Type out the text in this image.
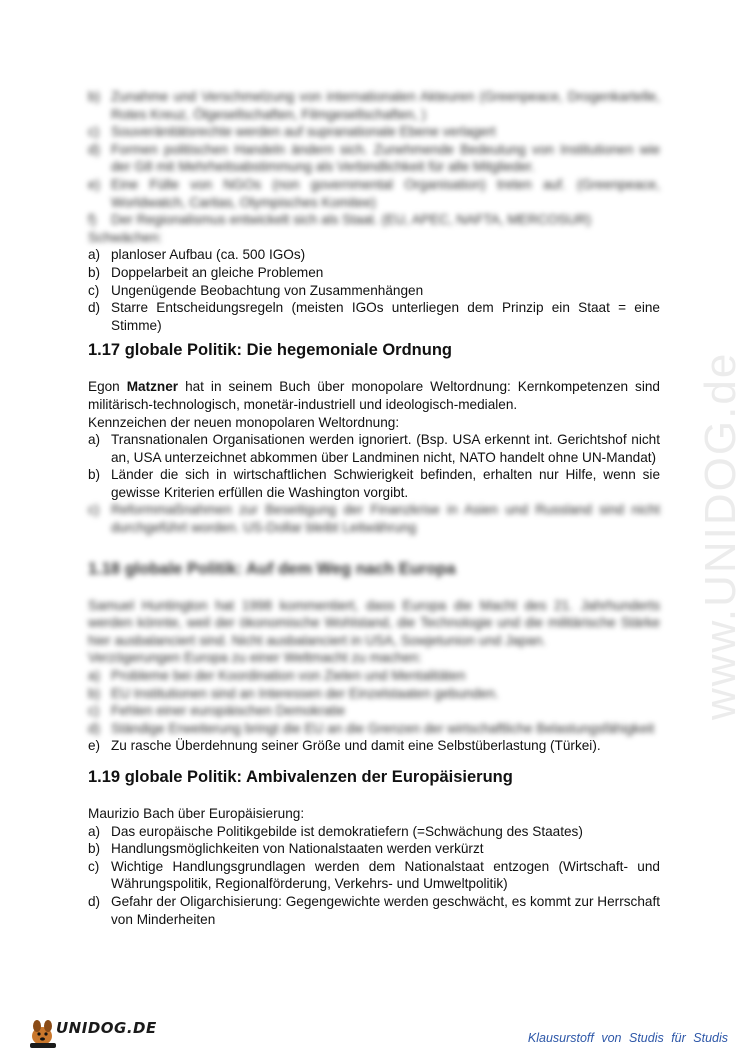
www.UNIDOG.de
b) Zunahme und Verschmelzung von internationalen Akteuren (Greenpeace, Drogenkartelle, Rotes Kreuz, Ölgesellschaften, Filmgesellschaften, )
c) Souveränitätsrechte werden auf supranationale Ebene verlagert
d) Formen politischen Handeln ändern sich. Zunehmende Bedeutung von Institutionen wie der G8 mit Mehrheitsabstimmung als Verbindlichkeit für alle Mitglieder.
e) Eine Fülle von NGOs (non governmental Organisation) treten auf. (Greenpeace, Worldwatch, Caritas, Olympisches Komitee)
f) Der Regionalismus entwickelt sich als Staat. (EU, APEC, NAFTA, MERCOSUR)

Schwächen:

a) planloser Aufbau (ca. 500 IGOs)
b) Doppelarbeit an gleiche Problemen
c) Ungenügende Beobachtung von Zusammenhängen
d) Starre Entscheidungsregeln (meisten IGOs unterliegen dem Prinzip ein Staat = eine Stimme)
1.17 globale Politik: Die hegemoniale Ordnung

Egon Matzner hat in seinem Buch über monopolare Weltordnung: Kernkompetenzen sind militärisch-technologisch, monetär-industriell und ideologisch-medialen.

Kennzeichen der neuen monopolaren Weltordnung:

a) Transnationalen Organisationen werden ignoriert. (Bsp. USA erkennt int. Gerichtshof nicht an, USA unterzeichnet abkommen über Landminen nicht, NATO handelt ohne UN-Mandat)
b) Länder die sich in wirtschaftlichen Schwierigkeit befinden, erhalten nur Hilfe, wenn sie gewisse Kriterien erfüllen die Washington vorgibt.
c) Reformmaßnahmen zur Beseitigung der Finanzkrise in Asien und Russland sind nicht durchgeführt worden. US-Dollar bleibt Leitwährung
1.18 globale Politik: Auf dem Weg nach Europa

Samuel Huntington hat 1998 kommentiert, dass Europa die Macht des 21. Jahrhunderts werden könnte, weil der ökonomische Wohlstand, die Technologie und die militärische Stärke hier ausbalanciert sind. Nicht ausbalanciert in USA, Sowjetunion und Japan.

Verzögerungen Europa zu einer Weltmacht zu machen:

a) Probleme bei der Koordination von Zielen und Mentalitäten
b) EU Institutionen sind an Interessen der Einzelstaaten gebunden.
c) Fehlen einer europäischen Demokratie
d) Ständige Erweiterung bringt die EU an die Grenzen der wirtschaftliche Belastungsfähigkeit
e) Zu rasche Überdehnung seiner Größe und damit eine Selbstüberlastung (Türkei).
1.19 globale Politik: Ambivalenzen der Europäisierung

Maurizio Bach über Europäisierung:

a) Das europäische Politikgebilde ist demokratiefern (=Schwächung des Staates)
b) Handlungsmöglichkeiten von Nationalstaaten werden verkürzt
c) Wichtige Handlungsgrundlagen werden dem Nationalstaat entzogen (Wirtschaft- und Währungspolitik, Regionalförderung, Verkehrs- und Umweltpolitik)
d) Gefahr der Oligarchisierung: Gegengewichte werden geschwächt, es kommt zur Herrschaft von Minderheiten
UNIDOG.DE
Klausurstoff von Studis für Studis
